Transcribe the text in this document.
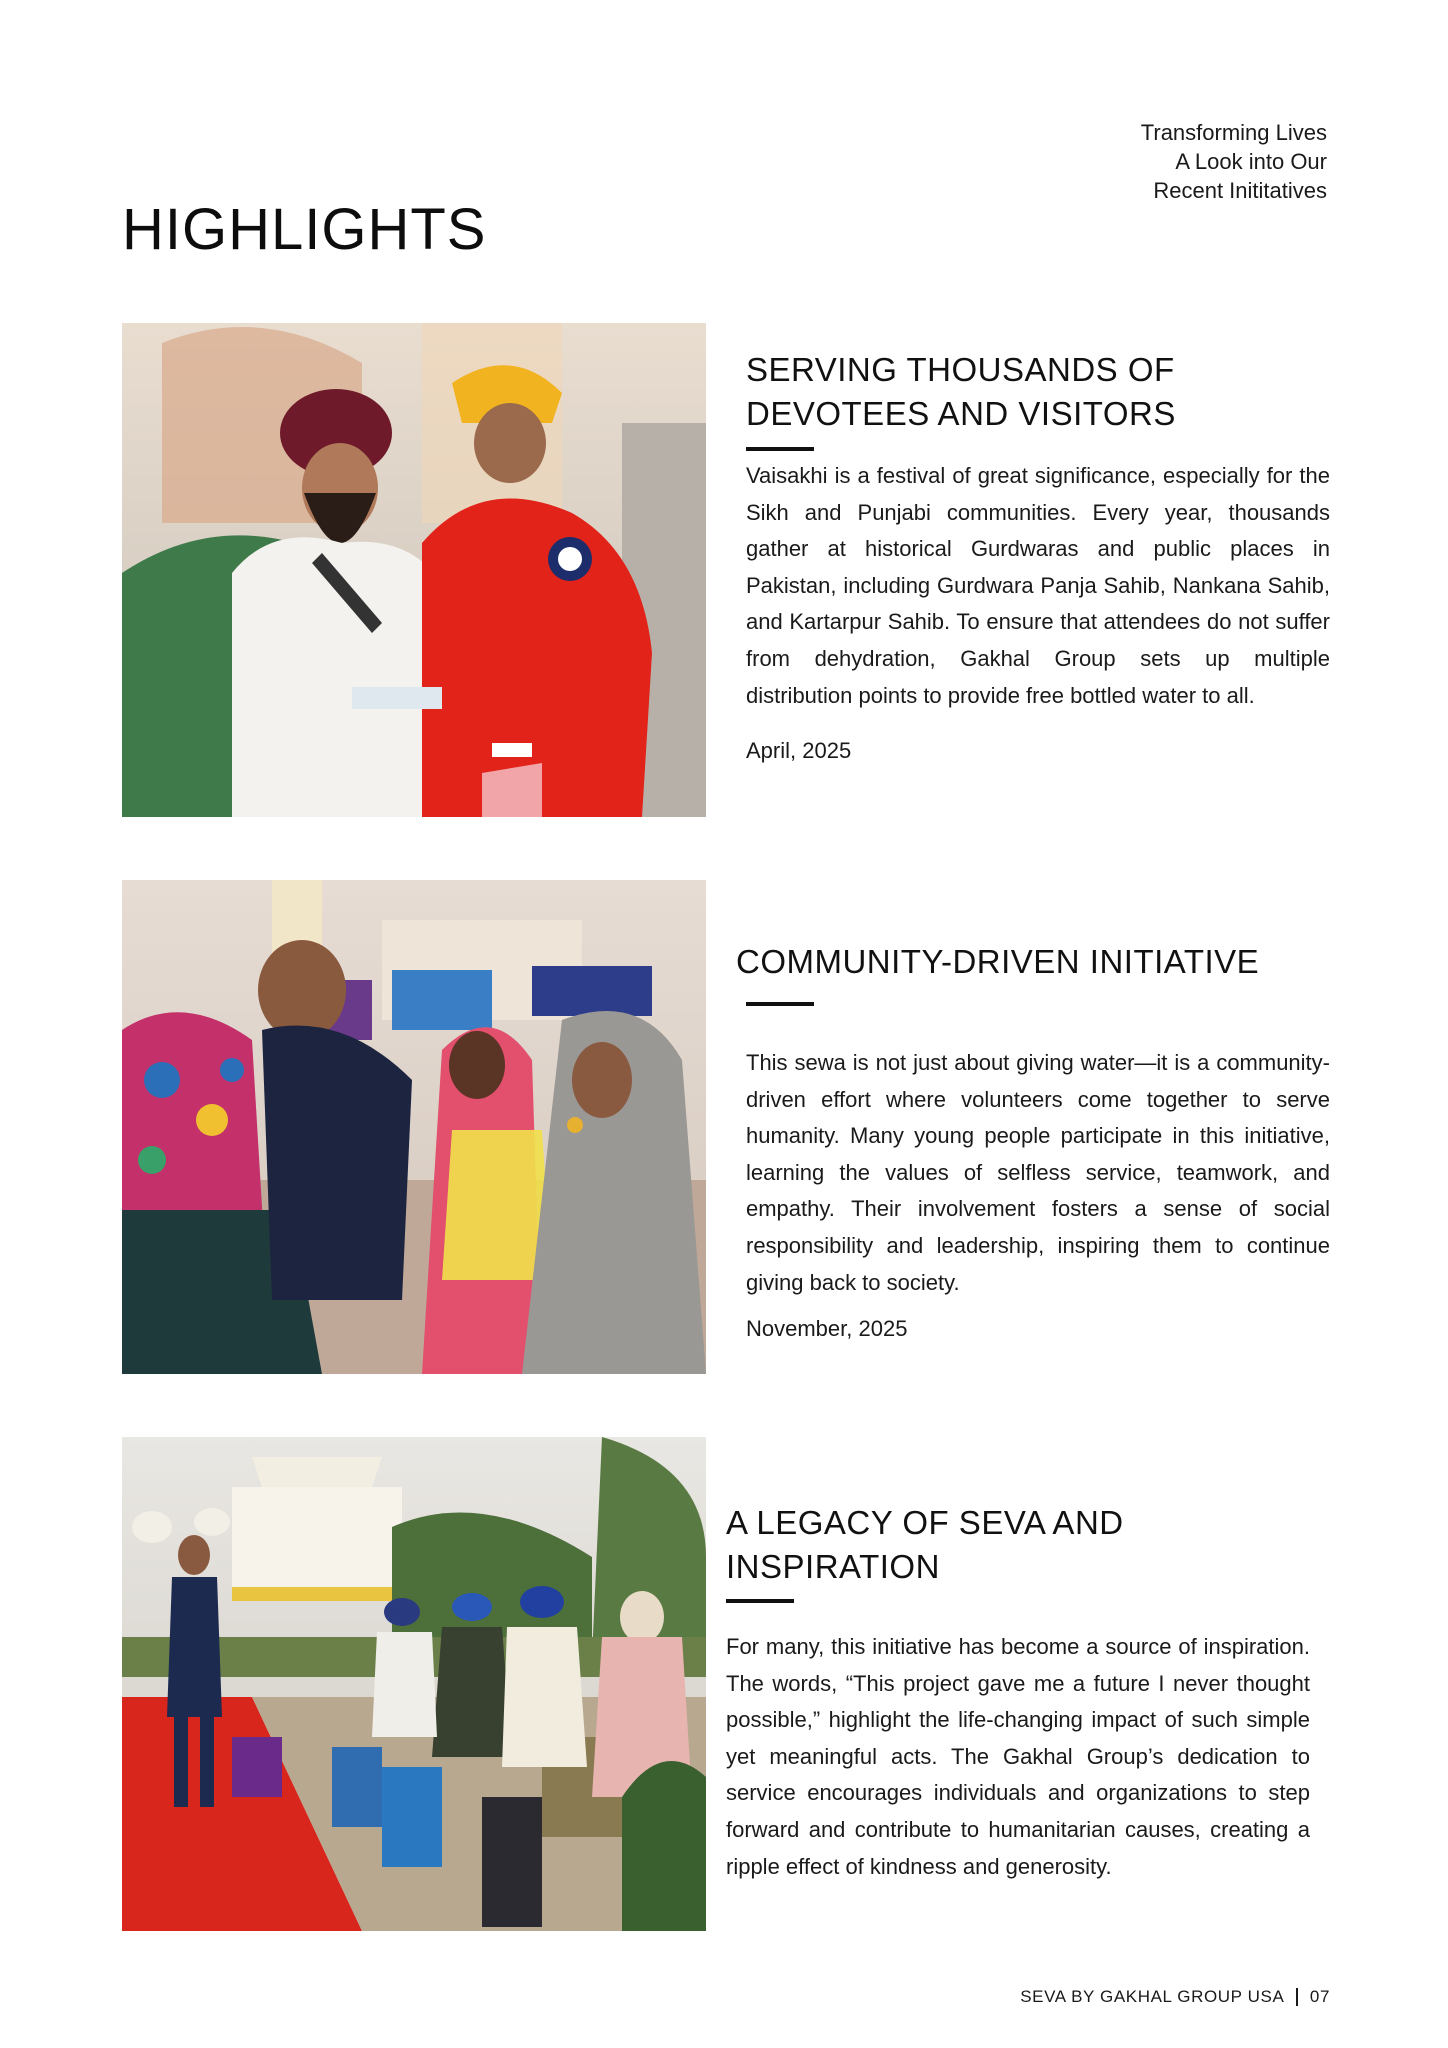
Transforming Lives
A Look into Our
Recent Inititatives
HIGHLIGHTS
SERVING THOUSANDS OF DEVOTEES AND VISITORS
Vaisakhi is a festival of great significance, especially for the Sikh and Punjabi communities. Every year, thousands gather at historical Gurdwaras and public places in Pakistan, including Gurdwara Panja Sahib, Nankana Sahib, and Kartarpur Sahib. To ensure that attendees do not suffer from dehydration, Gakhal Group sets up multiple distribution points to provide free bottled water to all.
April, 2025
COMMUNITY-DRIVEN INITIATIVE
This sewa is not just about giving water—it is a community-driven effort where volunteers come together to serve humanity. Many young people participate in this initiative, learning the values of selfless service, teamwork, and empathy. Their involvement fosters a sense of social responsibility and leadership, inspiring them to continue giving back to society.
November, 2025
A LEGACY OF SEVA AND INSPIRATION
For many, this initiative has become a source of inspiration. The words, “This project gave me a future I never thought possible,” highlight the life-changing impact of such simple yet meaningful acts. The Gakhal Group’s dedication to service encourages individuals and organizations to step forward and contribute to humanitarian causes, creating a ripple effect of kindness and generosity.
SEVA BY GAKHAL GROUP USA 07
